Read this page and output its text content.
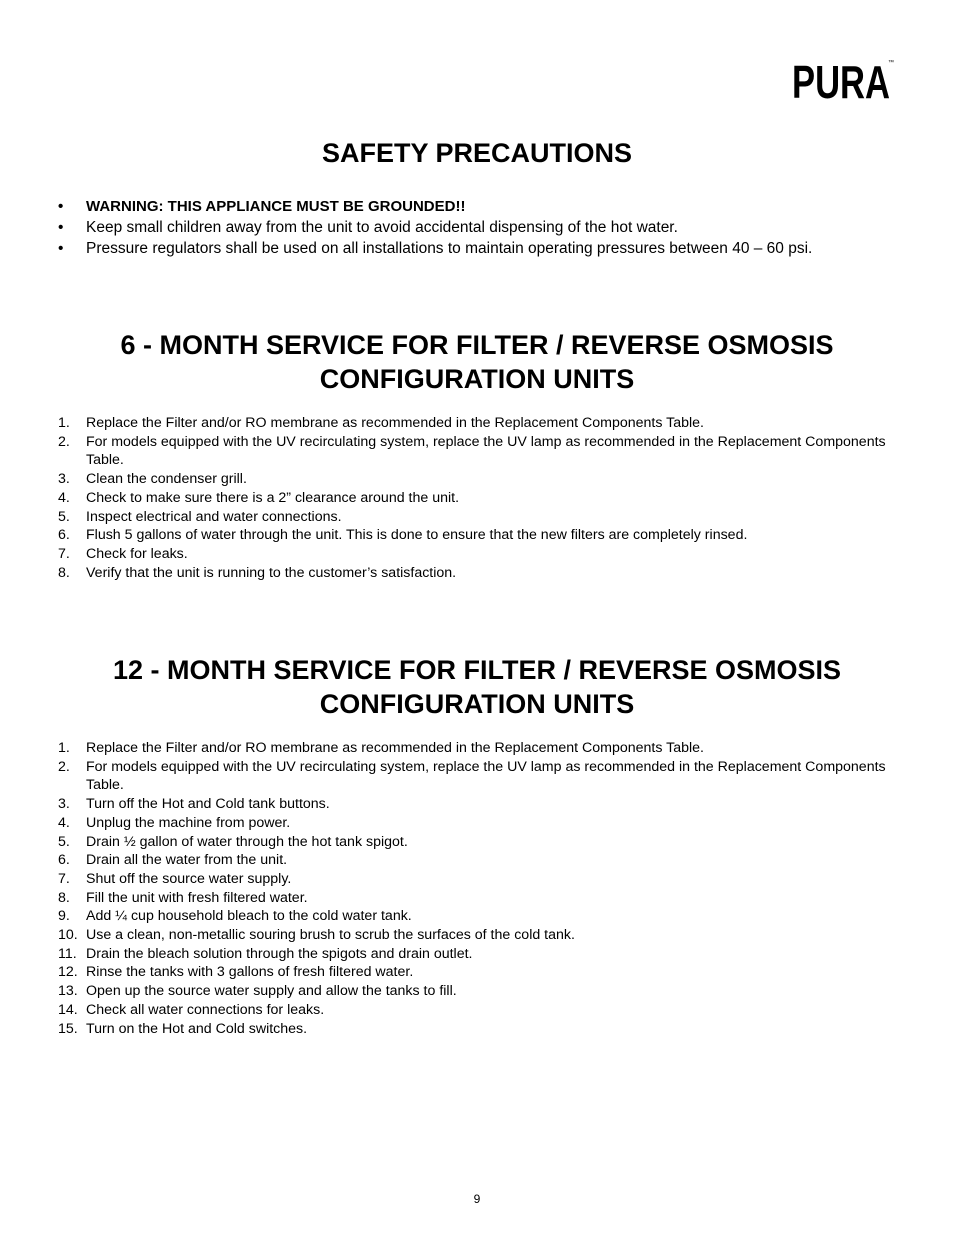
PURA
™
SAFETY PRECAUTIONS
• WARNING: THIS APPLIANCE MUST BE GROUNDED!!
• Keep small children away from the unit to avoid accidental dispensing of the hot water.
• Pressure regulators shall be used on all installations to maintain operating pressures between 40 – 60 psi.
6 - MONTH SERVICE FOR FILTER / REVERSE OSMOSIS
CONFIGURATION UNITS
1. Replace the Filter and/or RO membrane as recommended in the Replacement Components Table.
2. For models equipped with the UV recirculating system, replace the UV lamp as recommended in the Replacement Components Table.
3. Clean the condenser grill.
4. Check to make sure there is a 2” clearance around the unit.
5. Inspect electrical and water connections.
6. Flush 5 gallons of water through the unit. This is done to ensure that the new filters are completely rinsed.
7. Check for leaks.
8. Verify that the unit is running to the customer’s satisfaction.
12 - MONTH SERVICE FOR FILTER / REVERSE OSMOSIS
CONFIGURATION UNITS
1. Replace the Filter and/or RO membrane as recommended in the Replacement Components Table.
2. For models equipped with the UV recirculating system, replace the UV lamp as recommended in the Replacement Components Table.
3. Turn off the Hot and Cold tank buttons.
4. Unplug the machine from power.
5. Drain ½ gallon of water through the hot tank spigot.
6. Drain all the water from the unit.
7. Shut off the source water supply.
8. Fill the unit with fresh filtered water.
9. Add ¼ cup household bleach to the cold water tank.
10. Use a clean, non-metallic souring brush to scrub the surfaces of the cold tank.
11. Drain the bleach solution through the spigots and drain outlet.
12. Rinse the tanks with 3 gallons of fresh filtered water.
13. Open up the source water supply and allow the tanks to fill.
14. Check all water connections for leaks.
15. Turn on the Hot and Cold switches.
9
